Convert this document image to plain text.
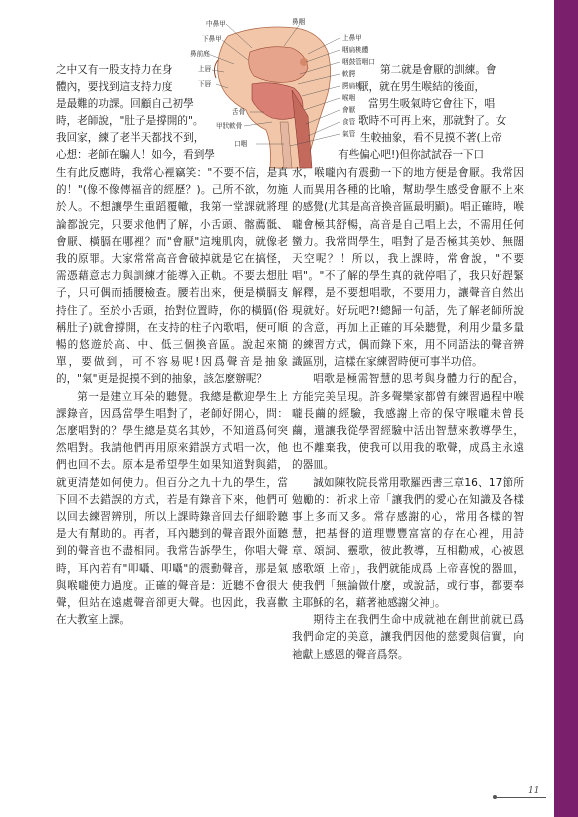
中鼻甲
下鼻甲
鼻前庭
上唇
下唇
舌骨
甲狀軟骨
口咽
鼻咽
上鼻甲
咽扁桃體
咽鼓管咽口
軟腭
腭扁桃
喉咽
會厭
食管
氣管
之中又有一股支持力在身
體內，要找到這支持力度
是最難的功課。回顧自己初學
時，老師說，"肚子是撐開的"。
我回家，練了老半天都找不到，
心想：老師在騙人！如今，看到學

生有此反應時，我常心裡竊笑："不要不信，是真的！"(像不像傳福音的經歷？)。己所不欲，勿施於人。不想讓學生重蹈覆轍，我第一堂課就將理論都說完，只要求他們了解，小舌頭、髂薦骶、會厭、橫膈在哪裡？而"會厭"這塊肌肉，就像老我的原罪。大家常常高音會破掉就是它在搞怪，需憑藉意志力與訓練才能導入正軌。不要去想肚子，只可偶而插腰檢查。腰若出來，便是橫膈支持住了。至於小舌頭，抬對位置時，你的橫膈(俗稱肚子)就會撐開，在支持的柱子內歌唱，便可順暢的悠遊於高、中、低三個換音區。說起來簡單，要做到，可不容易呢!因爲聲音是抽象的，"氣"更是捉摸不到的抽象，該怎麼辦呢？

第一是建立耳朵的聽覺。我總是歡迎學生上課錄音，因爲當學生唱對了，老師好開心，問：怎麼唱對的？學生總是莫名其妙，不知道爲何突然唱對。我請他們再用原來錯誤方式唱一次，他們也回不去。原本是希望學生如果知道對與錯，就更清楚如何使力。但百分之九十九的學生，當下回不去錯誤的方式，若是有錄音下來，他們可以回去練習辨別，所以上課時錄音回去仔細聆聽是大有幫助的。再者，耳內聽到的聲音跟外面聽到的聲音也不盡相同。我常告訴學生，你唱大聲時，耳內若有"叩囁、叩囁"的震動聲音，那是氣與喉嚨使力過度。正確的聲音是：近聽不會很大聲，但站在遠處聲音卻更大聲。也因此，我喜歡在大教室上課。

第二就是會厭的訓練。會
厭，就在男生喉結的後面，
當男生吸氣時它會往下，唱
歌時不可再上來，那就對了。女
生較抽象，看不見摸不著(上帝
有些偏心吧!)但你試試吞一下口

水，喉嚨內有震動一下的地方便是會厭。我常因人而異用各種的比喻，幫助學生感受會厭不上來的感覺(尤其是高音換音區最明顯)。唱正確時，喉嚨會極其舒暢，高音是自己唱上去，不需用任何蠻力。我常問學生，唱對了是否極其美妙、無闊天空呢？！所以，我上課時，常會說，"不要唱"。"不了解的學生真的就停唱了，我只好趕緊解釋，是不要想唱歌，不要用力，讓聲音自然出現就好。好玩吧?!總歸一句話，先了解老師所說的含意，再加上正確的耳朵聽覺，利用少量多量的練習方式，偶而錄下來，用不同語法的聲音辨識區別，這樣在家練習時便可事半功倍。

唱歌是極需智慧的思考與身體力行的配合，方能完美呈現。許多聲樂家都曾有練習過程中喉嚨長繭的經驗，我感謝上帝的保守喉嚨未曾長繭，還讓我從學習經驗中活出智慧來教導學生，也不離棄我，使我可以用我的歌聲，成爲主永遠的器皿。

誠如陳牧院長常用歌羅西書三章16、17節所勉勵的：祈求上帝「讓我們的愛心在知識及各樣事上多而又多。常存感謝的心，常用各樣的智慧，把基督的道理豐豐富富的存在心裡，用詩章、頌詞、靈歌，彼此教導，互相勸戒，心被恩感歌頌 上帝」，我們就能成爲 上帝喜悅的器皿，使我們「無論做什麼，或說話，或行事，都要奉主耶穌的名，藉著祂感謝父神」。

期待主在我們生命中成就祂在創世前就已爲我們命定的美意，讓我們因他的慈愛與信實，向祂獻上感恩的聲音爲祭。

11
